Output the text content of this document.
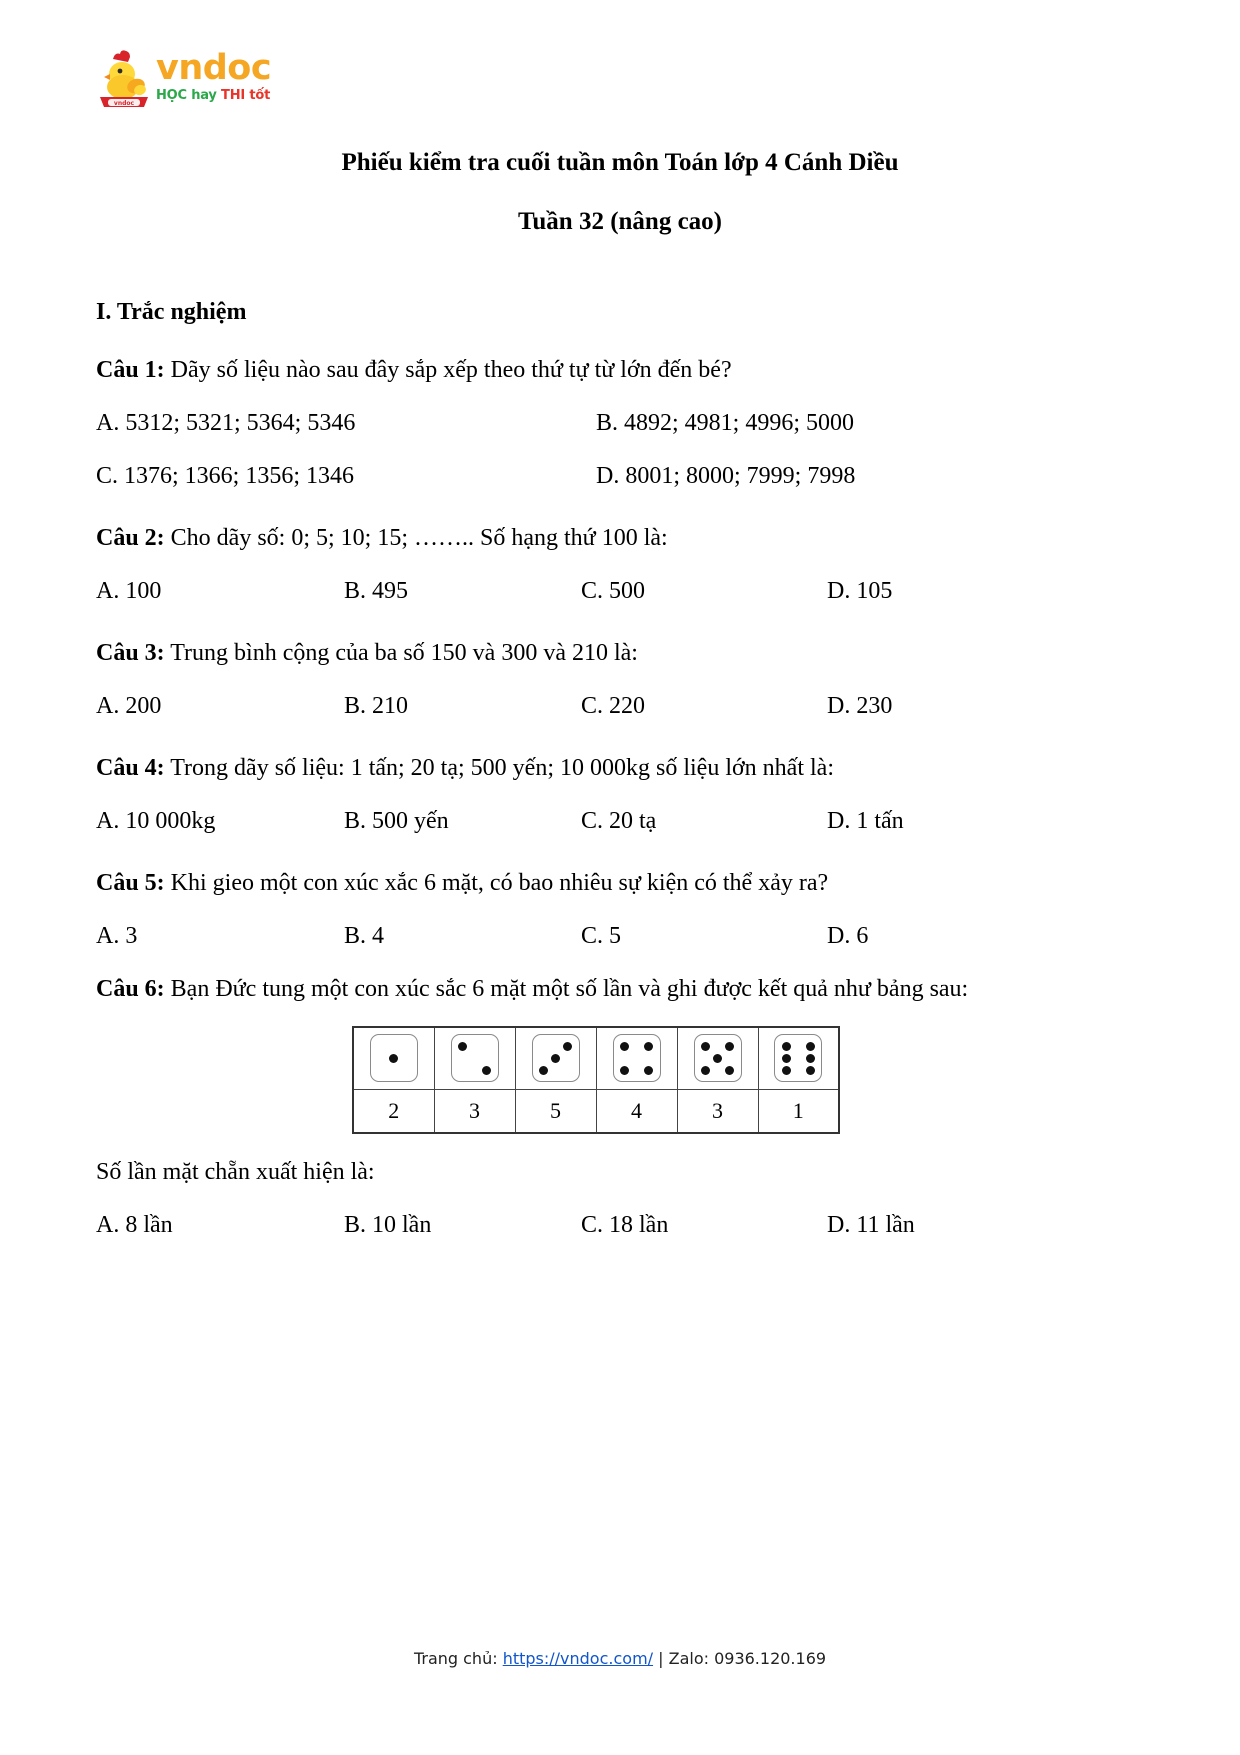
vndoc
vndoc
HỌC hay THI tốt
Phiếu kiểm tra cuối tuần môn Toán lớp 4 Cánh Diều
Tuần 32 (nâng cao)
I. Trắc nghiệm
Câu 1: Dãy số liệu nào sau đây sắp xếp theo thứ tự từ lớn đến bé?
A. 5312; 5321; 5364; 5346	B. 4892; 4981; 4996; 5000
C. 1376; 1366; 1356; 1346	D. 8001; 8000; 7999; 7998
Câu 2: Cho dãy số: 0; 5; 10; 15; …….. Số hạng thứ 100 là:
A. 100	B. 495	C. 500	D. 105
Câu 3: Trung bình cộng của ba số 150 và 300 và 210 là:
A. 200	B. 210	C. 220	D. 230
Câu 4: Trong dãy số liệu: 1 tấn; 20 tạ; 500 yến; 10 000kg số liệu lớn nhất là:
A. 10 000kg	B. 500 yến	C. 20 tạ	D. 1 tấn
Câu 5: Khi gieo một con xúc xắc 6 mặt, có bao nhiêu sự kiện có thể xảy ra?
A. 3	B. 4	C. 5	D. 6
Câu 6: Bạn Đức tung một con xúc sắc 6 mặt một số lần và ghi được kết quả như bảng sau:

2	3	5	4	3	1
Số lần mặt chẵn xuất hiện là:
A. 8 lần	B. 10 lần	C. 18 lần	D. 11 lần
Trang chủ: https://vndoc.com/ | Zalo: 0936.120.169
